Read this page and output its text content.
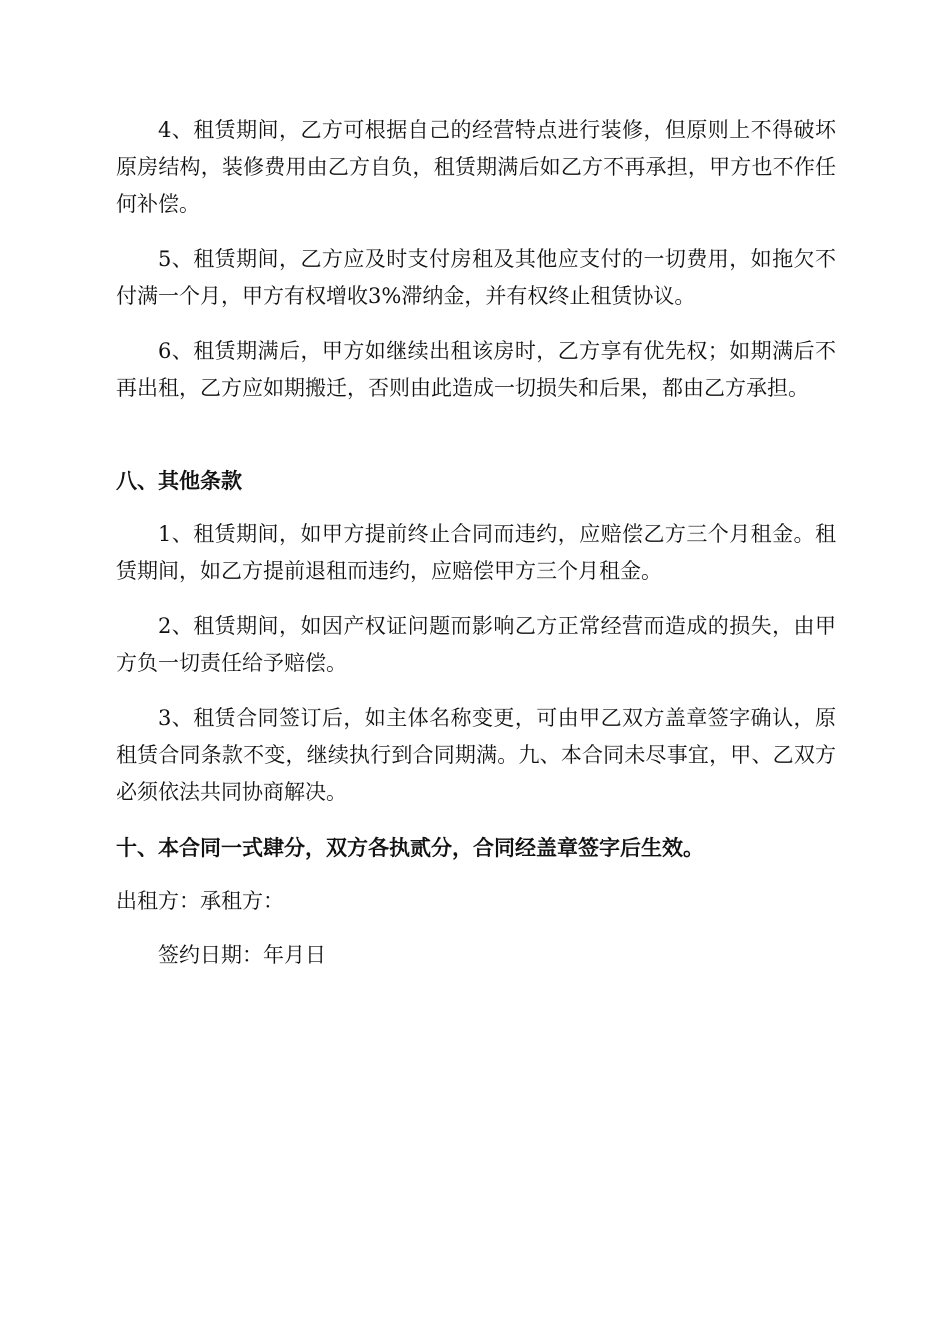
4、租赁期间，乙方可根据自己的经营特点进行装修，但原则上不得破坏原房结构，装修费用由乙方自负，租赁期满后如乙方不再承担，甲方也不作任何补偿。

5、租赁期间，乙方应及时支付房租及其他应支付的一切费用，如拖欠不付满一个月，甲方有权增收3%滞纳金，并有权终止租赁协议。

6、租赁期满后，甲方如继续出租该房时，乙方享有优先权；如期满后不再出租，乙方应如期搬迁，否则由此造成一切损失和后果，都由乙方承担。

八、其他条款

1、租赁期间，如甲方提前终止合同而违约，应赔偿乙方三个月租金。租赁期间，如乙方提前退租而违约，应赔偿甲方三个月租金。

2、租赁期间，如因产权证问题而影响乙方正常经营而造成的损失，由甲方负一切责任给予赔偿。

3、租赁合同签订后，如主体名称变更，可由甲乙双方盖章签字确认，原租赁合同条款不变，继续执行到合同期满。九、本合同未尽事宜，甲、乙双方必须依法共同协商解决。

十、本合同一式肆分，双方各执贰分，合同经盖章签字后生效。

出租方：承租方：

签约日期：年月日
